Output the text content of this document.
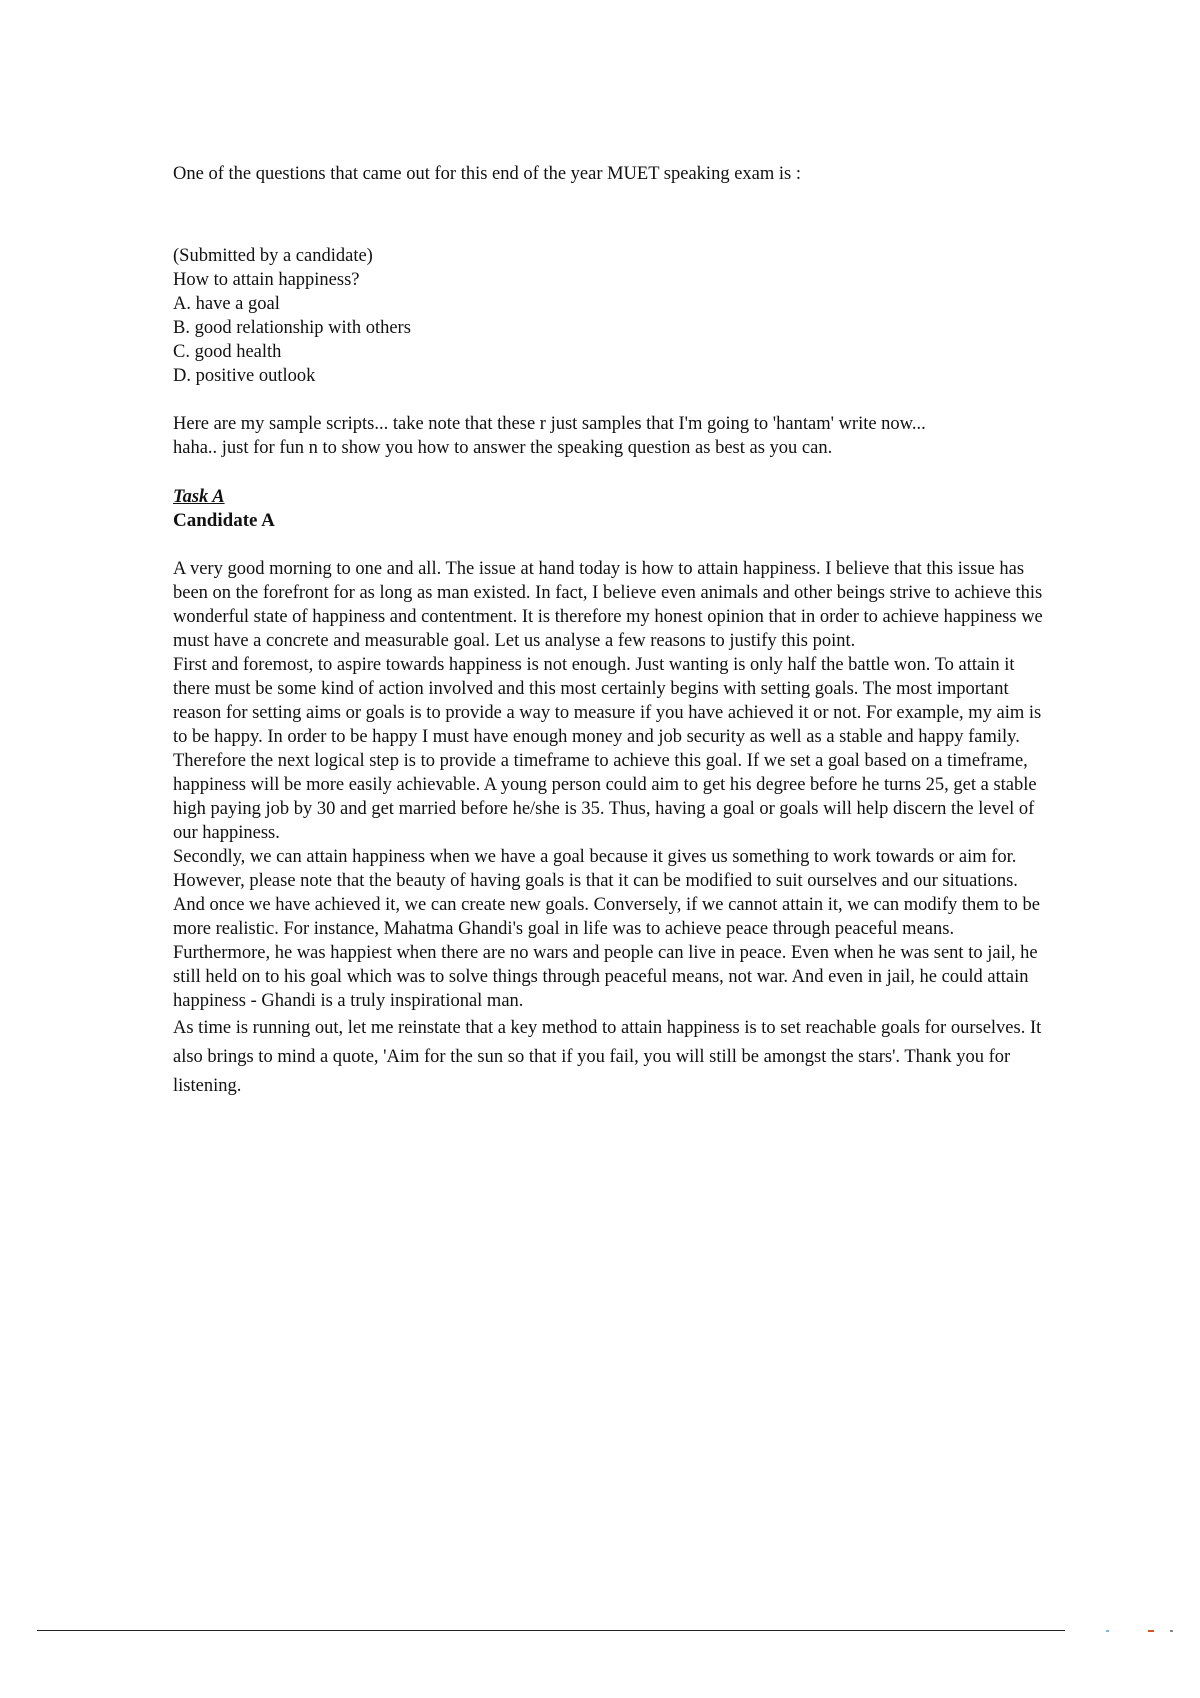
One of the questions that came out for this end of the year MUET speaking exam is :

(Submitted by a candidate)
How to attain happiness?
A. have a goal
B. good relationship with others
C. good health
D. positive outlook

Here are my sample scripts... take note that these r just samples that I'm going to 'hantam' write now...

haha.. just for fun n to show you how to answer the speaking question as best as you can.

Task A
Candidate A

A very good morning to one and all. The issue at hand today is how to attain happiness. I believe that this issue has been on the forefront for as long as man existed. In fact, I believe even animals and other beings strive to achieve this wonderful state of happiness and contentment. It is therefore my honest opinion that in order to achieve happiness we must have a concrete and measurable goal. Let us analyse a few reasons to justify this point.

First and foremost, to aspire towards happiness is not enough. Just wanting is only half the battle won. To attain it there must be some kind of action involved and this most certainly begins with setting goals. The most important reason for setting aims or goals is to provide a way to measure if you have achieved it or not. For example, my aim is to be happy. In order to be happy I must have enough money and job security as well as a stable and happy family. Therefore the next logical step is to provide a timeframe to achieve this goal. If we set a goal based on a timeframe, happiness will be more easily achievable. A young person could aim to get his degree before he turns 25, get a stable high paying job by 30 and get married before he/she is 35. Thus, having a goal or goals will help discern the level of our happiness.

Secondly, we can attain happiness when we have a goal because it gives us something to work towards or aim for. However, please note that the beauty of having goals is that it can be modified to suit ourselves and our situations. And once we have achieved it, we can create new goals. Conversely, if we cannot attain it, we can modify them to be more realistic. For instance, Mahatma Ghandi's goal in life was to achieve peace through peaceful means. Furthermore, he was happiest when there are no wars and people can live in peace. Even when he was sent to jail, he still held on to his goal which was to solve things through peaceful means, not war. And even in jail, he could attain happiness - Ghandi is a truly inspirational man.

As time is running out, let me reinstate that a key method to attain happiness is to set reachable goals for ourselves. It also brings to mind a quote, 'Aim for the sun so that if you fail, you will still be amongst the stars'. Thank you for listening.
